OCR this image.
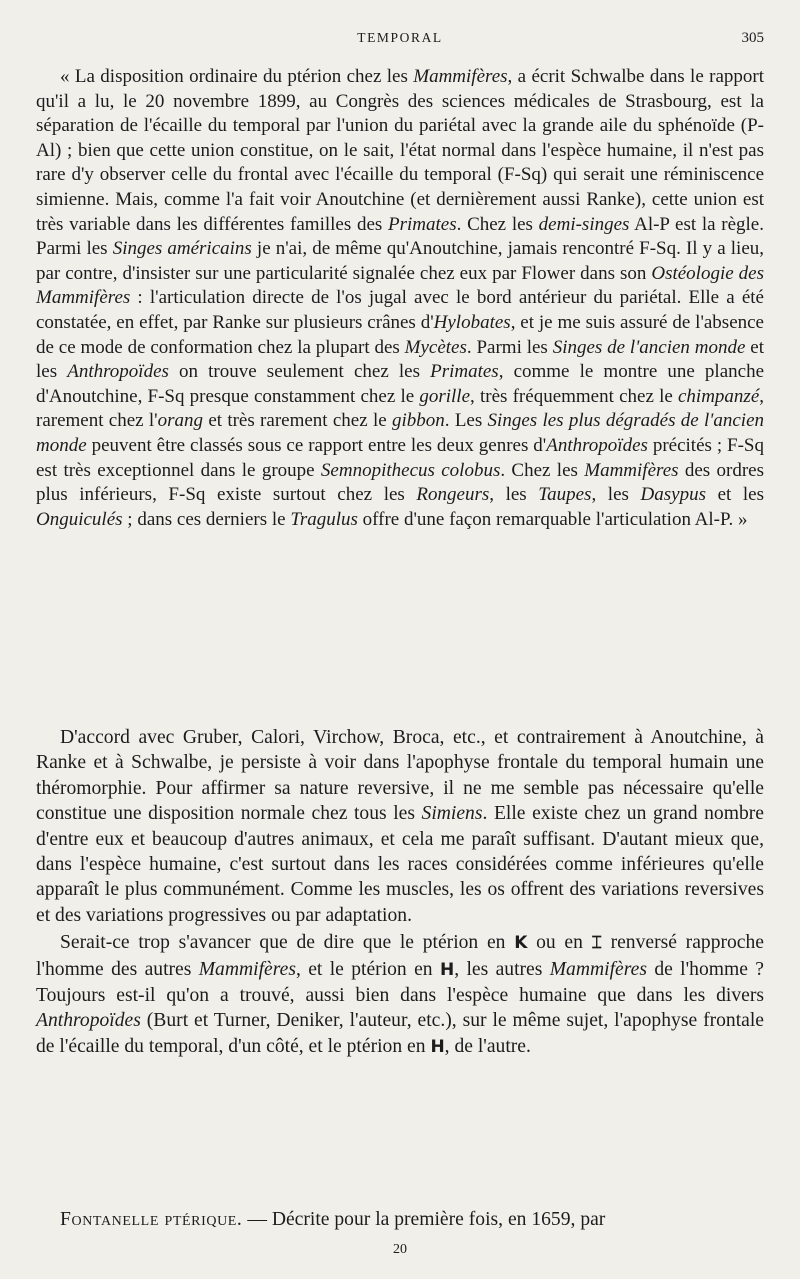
TEMPORAL	305

« La disposition ordinaire du ptérion chez les Mammifères, a écrit Schwalbe dans le rapport qu'il a lu, le 20 novembre 1899, au Congrès des sciences médicales de Strasbourg, est la séparation de l'écaille du temporal par l'union du pariétal avec la grande aile du sphénoïde (P-Al) ; bien que cette union constitue, on le sait, l'état normal dans l'espèce humaine, il n'est pas rare d'y observer celle du frontal avec l'écaille du temporal (F-Sq) qui serait une réminiscence simienne. Mais, comme l'a fait voir Anoutchine (et dernièrement aussi Ranke), cette union est très variable dans les différentes familles des Primates. Chez les demi-singes Al-P est la règle. Parmi les Singes américains je n'ai, de même qu'Anoutchine, jamais rencontré F-Sq. Il y a lieu, par contre, d'insister sur une particularité signalée chez eux par Flower dans son Ostéologie des Mammifères : l'articulation directe de l'os jugal avec le bord antérieur du pariétal. Elle a été constatée, en effet, par Ranke sur plusieurs crânes d'Hylobates, et je me suis assuré de l'absence de ce mode de conformation chez la plupart des Mycètes. Parmi les Singes de l'ancien monde et les Anthropoïdes on trouve seulement chez les Primates, comme le montre une planche d'Anoutchine, F-Sq presque constamment chez le gorille, très fréquemment chez le chimpanzé, rarement chez l'orang et très rarement chez le gibbon. Les Singes les plus dégradés de l'ancien monde peuvent être classés sous ce rapport entre les deux genres d'Anthropoïdes précités ; F-Sq est très exceptionnel dans le groupe Semnopithecus colobus. Chez les Mammifères des ordres plus inférieurs, F-Sq existe surtout chez les Rongeurs, les Taupes, les Dasypus et les Onguiculés ; dans ces derniers le Tragulus offre d'une façon remarquable l'articulation Al-P. »

D'accord avec Gruber, Calori, Virchow, Broca, etc., et contrairement à Anoutchine, à Ranke et à Schwalbe, je persiste à voir dans l'apophyse frontale du temporal humain une théromorphie. Pour affirmer sa nature reversive, il ne me semble pas nécessaire qu'elle constitue une disposition normale chez tous les Simiens. Elle existe chez un grand nombre d'entre eux et beaucoup d'autres animaux, et cela me paraît suffisant. D'autant mieux que, dans l'espèce humaine, c'est surtout dans les races considérées comme inférieures qu'elle apparaît le plus communément. Comme les muscles, les os offrent des variations reversives et des variations progressives ou par adaptation.

Serait-ce trop s'avancer que de dire que le ptérion en K ou en ⌶ renversé rapproche l'homme des autres Mammifères, et le ptérion en H, les autres Mammifères de l'homme ? Toujours est-il qu'on a trouvé, aussi bien dans l'espèce humaine que dans les divers Anthropoïdes (Burt et Turner, Deniker, l'auteur, etc.), sur le même sujet, l'apophyse frontale de l'écaille du temporal, d'un côté, et le ptérion en H, de l'autre.

Fontanelle ptérique. — Décrite pour la première fois, en 1659, par

20
